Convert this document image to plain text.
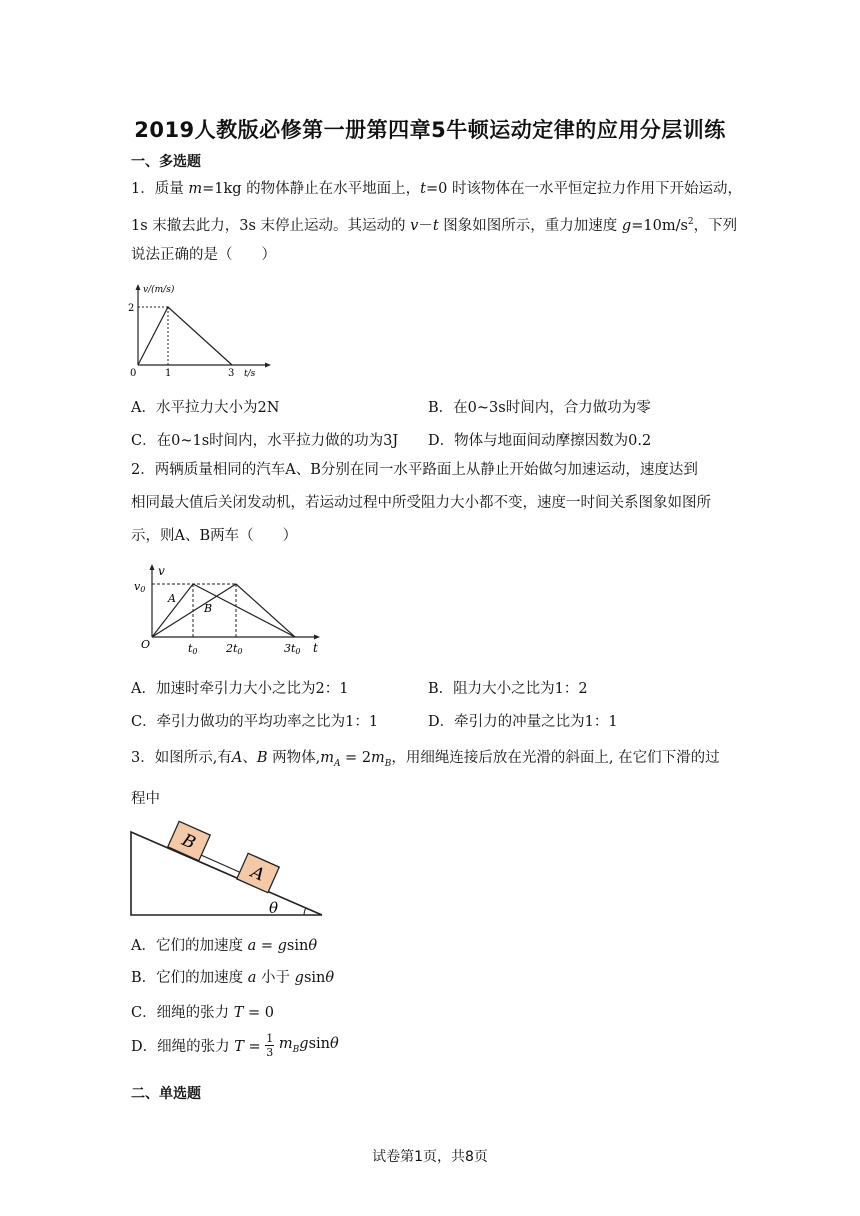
2019人教版必修第一册第四章5牛顿运动定律的应用分层训练
一、多选题
1．质量 m=1kg 的物体静止在水平地面上，t=0 时该物体在一水平恒定拉力作用下开始运动，
1s 末撤去此力，3s 末停止运动。其运动的 v－t 图象如图所示，重力加速度 $g=10m/s^2$，下列
说法正确的是（　　）
v/(m/s)
2
0	1	3 t/s
A．水平拉力大小为2N	B．在0~3s时间内，合力做功为零
C．在0~1s时间内，水平拉力做的功为3J D．物体与地面间动摩擦因数为0.2
2．两辆质量相同的汽车A、B分别在同一水平路面上从静止开始做匀加速运动，速度达到
相同最大值后关闭发动机，若运动过程中所受阻力大小都不变，速度一时间关系图象如图所
示，则A、B两车（　　）
v
v0
O	t0	2t0	3t0 t
A
B
A．加速时牵引力大小之比为2：1	B．阻力大小之比为1：2
C．牵引力做功的平均功率之比为1：1	D．牵引力的冲量之比为1：1
3．如图所示,有A、B 两物体$,m_A = 2m_B$，用细绳连接后放在光滑的斜面上, 在它们下滑的过
程中
B
A
θ
A．它们的加速度 a = gsinθ
B．它们的加速度 a 小于 gsinθ
C．细绳的张力 T = 0
D．细绳的张力 $T = \frac{1}{3} m_Bgsin\theta$
二、单选题
试卷第1页，共8页
